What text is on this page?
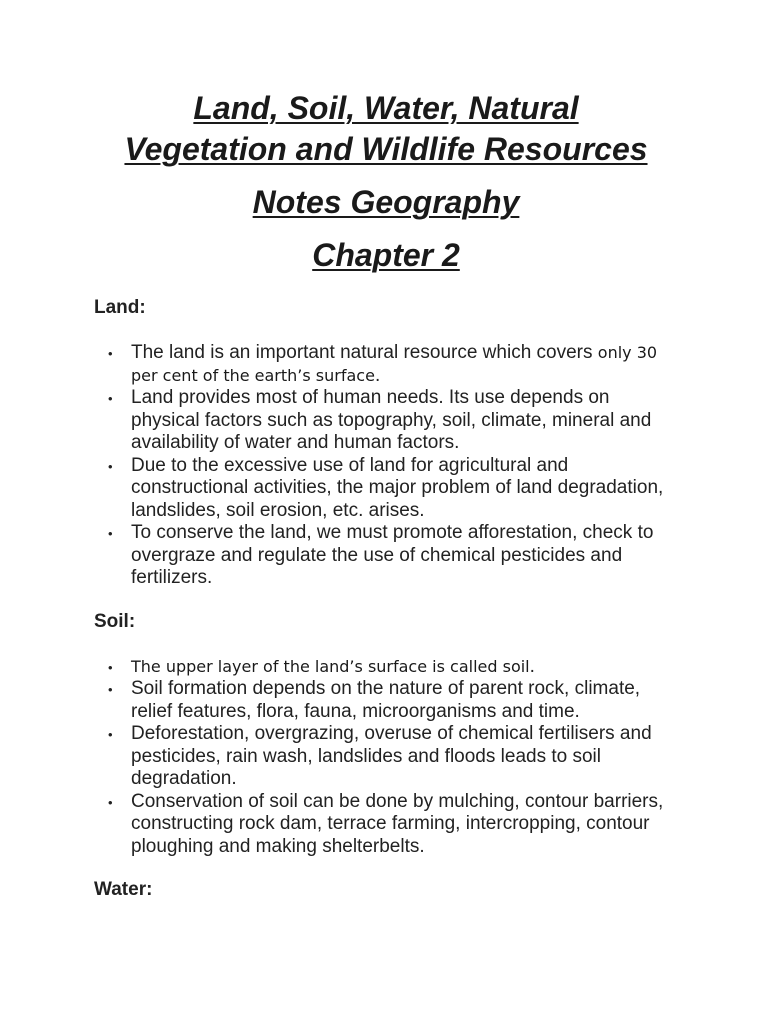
Land, Soil, Water, Natural
Vegetation and Wildlife Resources
Notes Geography
Chapter 2
Land:
• The land is an important natural resource which covers only 30 per cent of the earth’s surface.
• Land provides most of human needs. Its use depends on physical factors such as topography, soil, climate, mineral and availability of water and human factors.
• Due to the excessive use of land for agricultural and constructional activities, the major problem of land degradation, landslides, soil erosion, etc. arises.
• To conserve the land, we must promote afforestation, check to overgraze and regulate the use of chemical pesticides and fertilizers.
Soil:
• The upper layer of the land’s surface is called soil.
• Soil formation depends on the nature of parent rock, climate, relief features, flora, fauna, microorganisms and time.
• Deforestation, overgrazing, overuse of chemical fertilisers and pesticides, rain wash, landslides and floods leads to soil degradation.
• Conservation of soil can be done by mulching, contour barriers, constructing rock dam, terrace farming, intercropping, contour ploughing and making shelterbelts.
Water:
